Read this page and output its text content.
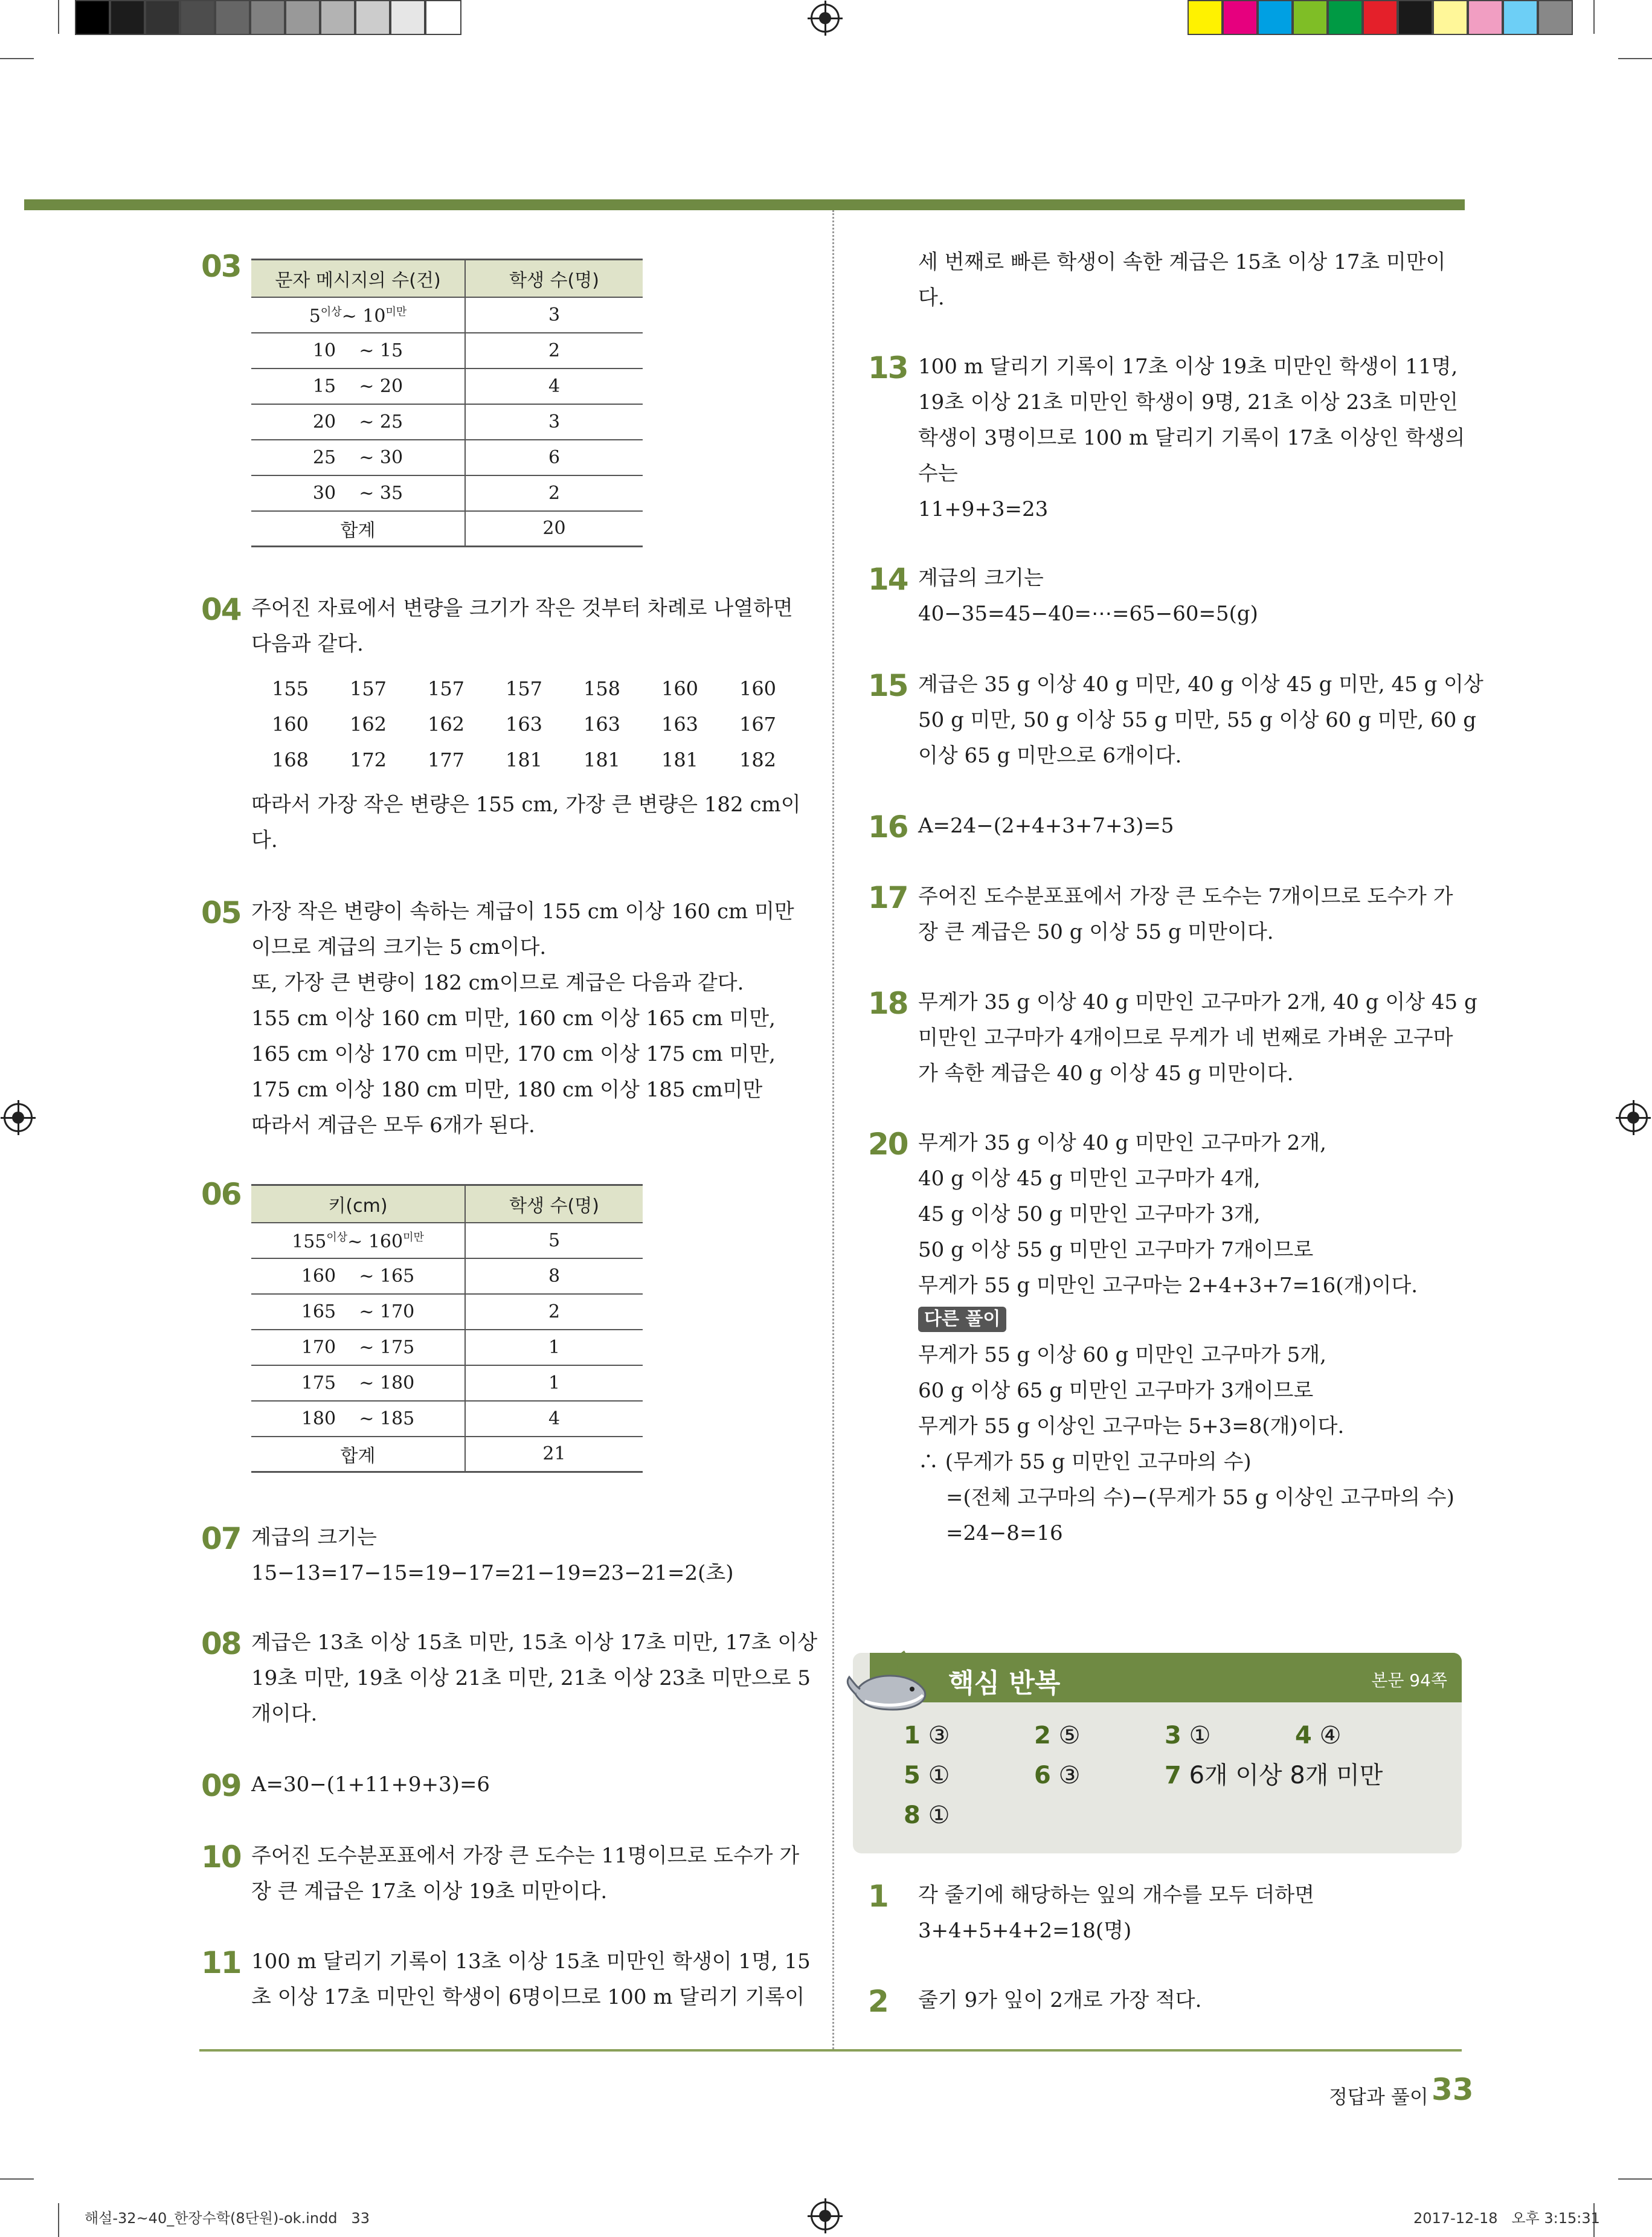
03 문자 메시지의 수(건)	학생 수(명)
$5^{이상}\sim$ $10^{미만}$	3
10 ~ 15	2
15 ~ 20	4
20 ~ 25	3
25 ~ 30	6
30 ~ 35	2
합계	20
04 주어진 자료에서 변량을 크기가 작은 것부터 차례로 나열하면
다음과 같다.
155	157	157	157	158	160	160
160	162	162	163	163	163	167
168	172	177	181	181	181	182
따라서 가장 작은 변량은 155 cm, 가장 큰 변량은 182 cm이
다.
05 가장 작은 변량이 속하는 계급이 155 cm 이상 160 cm 미만
이므로 계급의 크기는 5 cm이다.
또, 가장 큰 변량이 182 cm이므로 계급은 다음과 같다.
155 cm 이상 160 cm 미만, 160 cm 이상 165 cm 미만,
165 cm 이상 170 cm 미만, 170 cm 이상 175 cm 미만,
175 cm 이상 180 cm 미만, 180 cm 이상 185 cm미만
따라서 계급은 모두 6개가 된다.
06	키(cm)	학생 수(명)
$155^{이상}\sim$ $160^{미만}$	5
160 ~ 165	8
165 ~ 170	2
170 ~ 175	1
175 ~ 180	1
180 ~ 185	4
합계	21
07 계급의 크기는
15−13=17−15=19−17=21−19=23−21=2(초)
08 계급은 13초 이상 15초 미만, 15초 이상 17초 미만, 17초 이상
19초 미만, 19초 이상 21초 미만, 21초 이상 23초 미만으로 5
개이다.
09 A=30−(1+11+9+3)=6
10 주어진 도수분포표에서 가장 큰 도수는 11명이므로 도수가 가
장 큰 계급은 17초 이상 19초 미만이다.
11 100 m 달리기 기록이 13초 이상 15초 미만인 학생이 1명, 15
초 이상 17초 미만인 학생이 6명이므로 100 m 달리기 기록이
세 번째로 빠른 학생이 속한 계급은 15초 이상 17초 미만이
다.
13 100 m 달리기 기록이 17초 이상 19초 미만인 학생이 11명,
19초 이상 21초 미만인 학생이 9명, 21초 이상 23초 미만인
학생이 3명이므로 100 m 달리기 기록이 17초 이상인 학생의
수는
11+9+3=23
14 계급의 크기는
40−35=45−40=⋯=65−60=5(g)
15 계급은 35 g 이상 40 g 미만, 40 g 이상 45 g 미만, 45 g 이상
50 g 미만, 50 g 이상 55 g 미만, 55 g 이상 60 g 미만, 60 g
이상 65 g 미만으로 6개이다.
16 A=24−(2+4+3+7+3)=5
17 주어진 도수분포표에서 가장 큰 도수는 7개이므로 도수가 가
장 큰 계급은 50 g 이상 55 g 미만이다.
18 무게가 35 g 이상 40 g 미만인 고구마가 2개, 40 g 이상 45 g
미만인 고구마가 4개이므로 무게가 네 번째로 가벼운 고구마
가 속한 계급은 40 g 이상 45 g 미만이다.
20 무게가 35 g 이상 40 g 미만인 고구마가 2개,
40 g 이상 45 g 미만인 고구마가 4개,
45 g 이상 50 g 미만인 고구마가 3개,
50 g 이상 55 g 미만인 고구마가 7개이므로
무게가 55 g 미만인 고구마는 2+4+3+7=16(개)이다.
다른 풀이
무게가 55 g 이상 60 g 미만인 고구마가 5개,
60 g 이상 65 g 미만인 고구마가 3개이므로
무게가 55 g 이상인 고구마는 5+3=8(개)이다.
∴ (무게가 55 g 미만인 고구마의 수)
=(전체 고구마의 수)−(무게가 55 g 이상인 고구마의 수)
=24−8=16
핵심 반복	본문 94쪽
1 ③	2 ⑤	3 ①	4 ④
5 ①	6 ③	7 6개 이상 8개 미만
8 ①
1 각 줄기에 해당하는 잎의 개수를 모두 더하면
3+4+5+4+2=18(명)
2 줄기 9가 잎이 2개로 가장 적다.
정답과 풀이 33
해설-32~40_한장수학(8단원)-ok.indd   33	2017-12-18   오후 3:15:31
